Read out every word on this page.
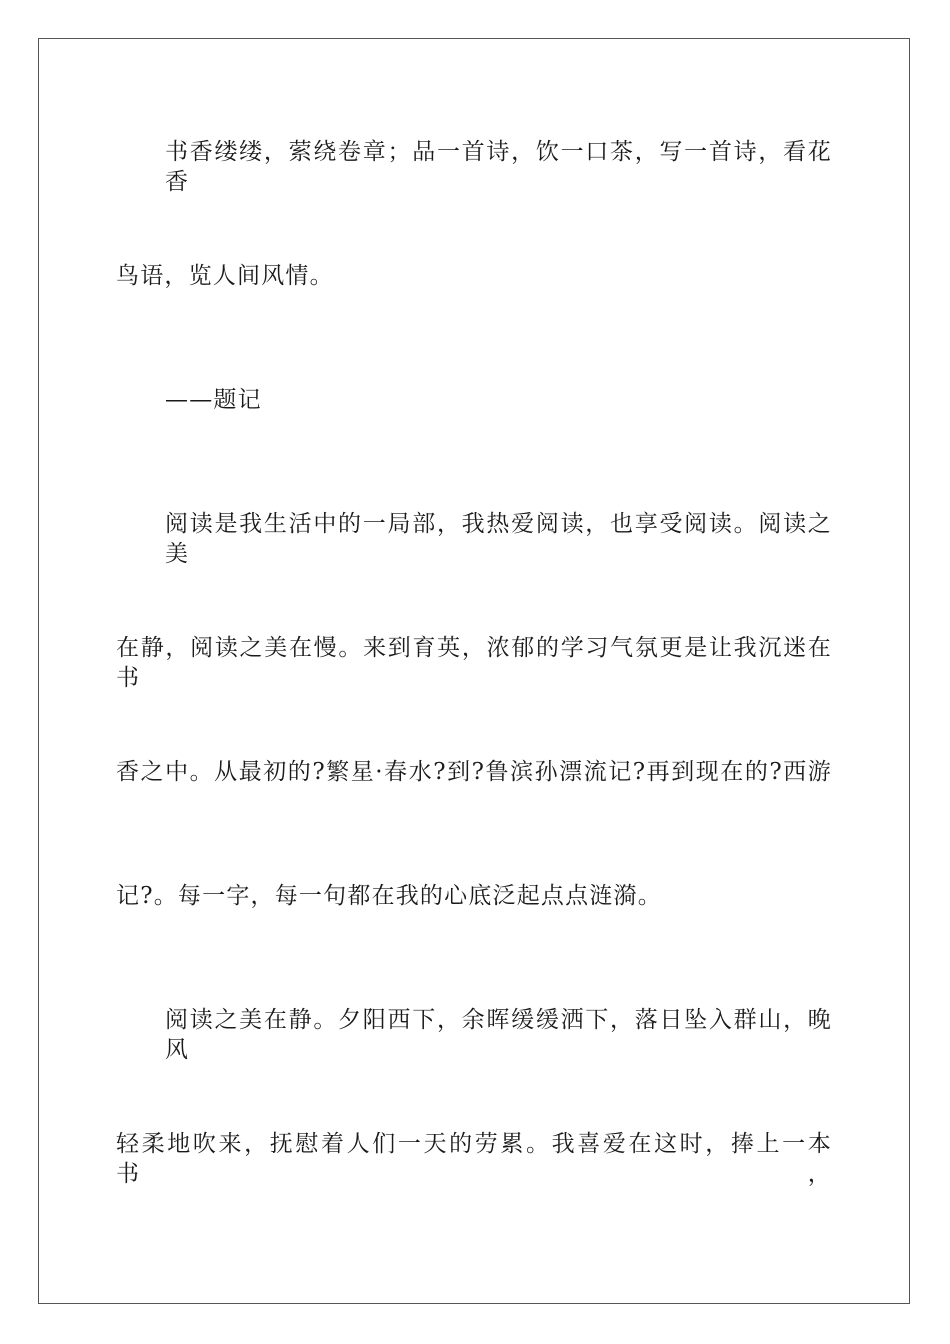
书香缕缕，萦绕卷章；品一首诗，饮一口茶，写一首诗，看花香
鸟语，览人间风情。
——题记
阅读是我生活中的一局部，我热爱阅读，也享受阅读。阅读之美
在静，阅读之美在慢。来到育英，浓郁的学习气氛更是让我沉迷在书
香之中。从最初的?繁星·春水?到?鲁滨孙漂流记?再到现在的?西游
记?。每一字，每一句都在我的心底泛起点点涟漪。
阅读之美在静。夕阳西下，余晖缓缓洒下，落日坠入群山，晚风
轻柔地吹来，抚慰着人们一天的劳累。我喜爱在这时，捧上一本书，
